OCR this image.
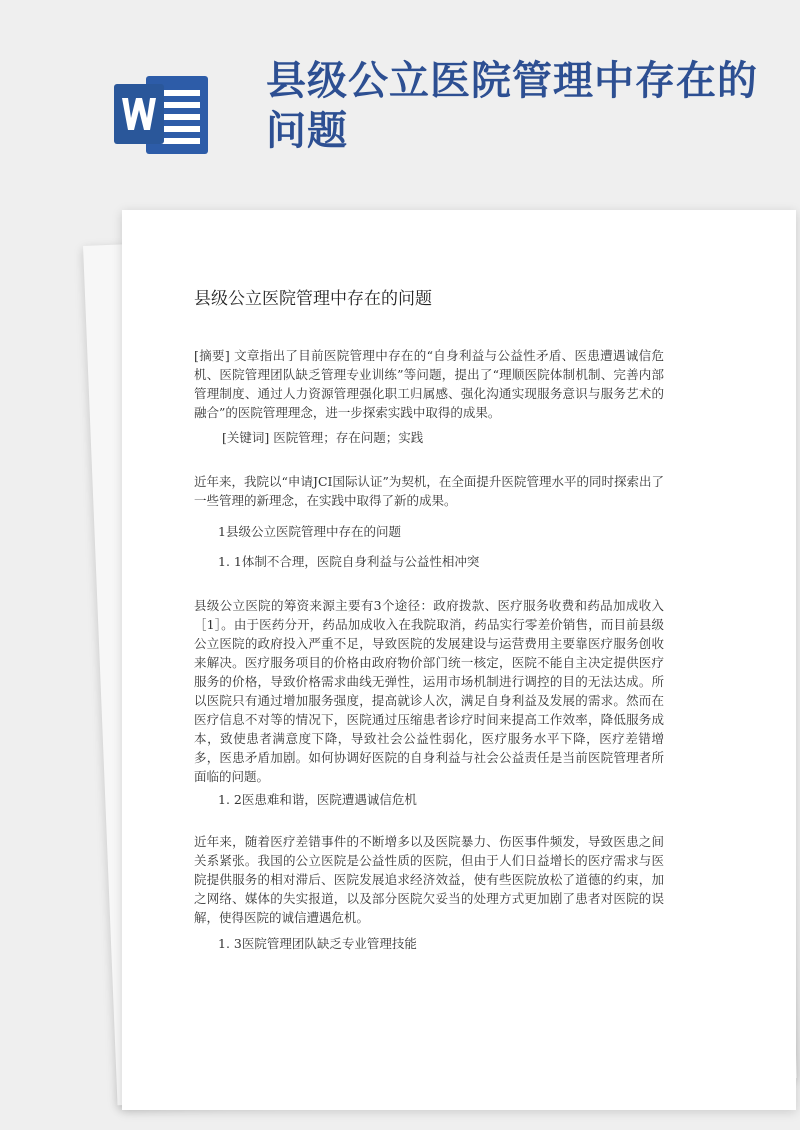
县级公立医院管理中存在的问题
县级公立医院管理中存在的问题
[摘要] 文章指出了目前医院管理中存在的“自身利益与公益性矛盾、医患遭遇诚信危机、医院管理团队缺乏管理专业训练”等问题，提出了“理顺医院体制机制、完善内部管理制度、通过人力资源管理强化职工归属感、强化沟通实现服务意识与服务艺术的融合”的医院管理理念，进一步探索实践中取得的成果。
[关键词] 医院管理；存在问题；实践
近年来，我院以“申请JCI国际认证”为契机，在全面提升医院管理水平的同时探索出了一些管理的新理念，在实践中取得了新的成果。
1县级公立医院管理中存在的问题
1. 1体制不合理，医院自身利益与公益性相冲突
县级公立医院的筹资来源主要有3个途径：政府拨款、医疗服务收费和药品加成收入［1］。由于医药分开，药品加成收入在我院取消，药品实行零差价销售，而目前县级公立医院的政府投入严重不足，导致医院的发展建设与运营费用主要靠医疗服务创收来解决。医疗服务项目的价格由政府物价部门统一核定，医院不能自主决定提供医疗服务的价格，导致价格需求曲线无弹性，运用市场机制进行调控的目的无法达成。所以医院只有通过增加服务强度，提高就诊人次，满足自身利益及发展的需求。然而在医疗信息不对等的情况下，医院通过压缩患者诊疗时间来提高工作效率，降低服务成本，致使患者满意度下降，导致社会公益性弱化，医疗服务水平下降，医疗差错增多，医患矛盾加剧。如何协调好医院的自身利益与社会公益责任是当前医院管理者所面临的问题。
1. 2医患难和谐，医院遭遇诚信危机
近年来，随着医疗差错事件的不断增多以及医院暴力、伤医事件频发，导致医患之间关系紧张。我国的公立医院是公益性质的医院，但由于人们日益增长的医疗需求与医院提供服务的相对滞后、医院发展追求经济效益，使有些医院放松了道德的约束，加之网络、媒体的失实报道，以及部分医院欠妥当的处理方式更加剧了患者对医院的误解，使得医院的诚信遭遇危机。
1. 3医院管理团队缺乏专业管理技能
